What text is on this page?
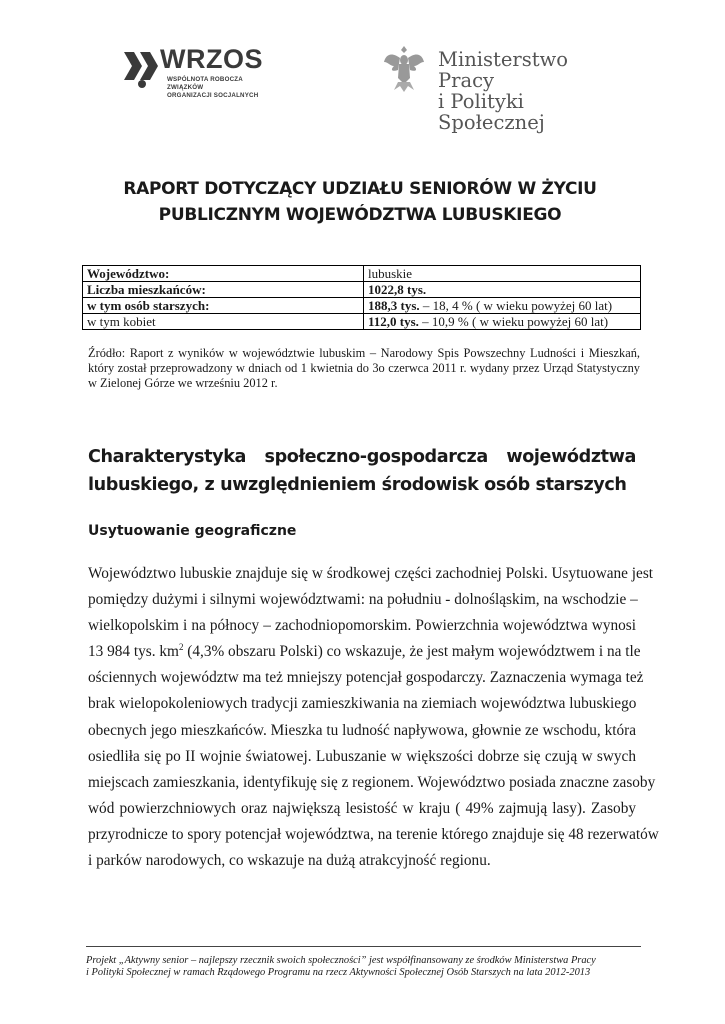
WRZOS
WSPÓLNOTA ROBOCZA ZWIĄZKÓW
ORGANIZACJI SOCJALNYCH
Ministerstwo Pracy
i Polityki Społecznej
RAPORT DOTYCZĄCY UDZIAŁU SENIORÓW W ŻYCIU
PUBLICZNYM WOJEWÓDZTWA LUBUSKIEGO
Województwo:	lubuskie
Liczba mieszkańców:	1022,8 tys.
w tym osób starszych:	188,3 tys. – 18, 4 % ( w wieku powyżej 60 lat)
w tym kobiet	112,0 tys. – 10,9 % ( w wieku powyżej 60 lat)
Źródło: Raport z wyników w województwie lubuskim – Narodowy Spis Powszechny Ludności i Mieszkań, który został przeprowadzony w dniach od 1 kwietnia do 3o czerwca 2011 r. wydany przez Urząd Statystyczny w Zielonej Górze we wrześniu 2012 r.
Charakterystyka społeczno-gospodarcza województwa
lubuskiego, z uwzględnieniem środowisk osób starszych
Usytuowanie geograficzne
Województwo lubuskie znajduje się w środkowej części zachodniej Polski. Usytuowane jest
pomiędzy dużymi i silnymi województwami: na południu - dolnośląskim, na wschodzie –
wielkopolskim i na północy – zachodniopomorskim. Powierzchnia województwa wynosi
13 984 tys. $km^2$ (4,3% obszaru Polski) co wskazuje, że jest małym województwem i na tle
ościennych województw ma też mniejszy potencjał gospodarczy. Zaznaczenia wymaga też
brak wielopokoleniowych tradycji zamieszkiwania na ziemiach województwa lubuskiego
obecnych jego mieszkańców. Mieszka tu ludność napływowa, głownie ze wschodu, która
osiedliła się po II wojnie światowej. Lubuszanie w większości dobrze się czują w swych
miejscach zamieszkania, identyfikuję się z regionem. Województwo posiada znaczne zasoby
wód powierzchniowych oraz największą lesistość w kraju ( 49% zajmują lasy). Zasoby
przyrodnicze to spory potencjał województwa, na terenie którego znajduje się 48 rezerwatów
i parków narodowych, co wskazuje na dużą atrakcyjność regionu.
Projekt „Aktywny senior – najlepszy rzecznik swoich społeczności” jest współfinansowany ze środków Ministerstwa Pracy
i Polityki Społecznej w ramach Rządowego Programu na rzecz Aktywności Społecznej Osób Starszych na lata 2012-2013
